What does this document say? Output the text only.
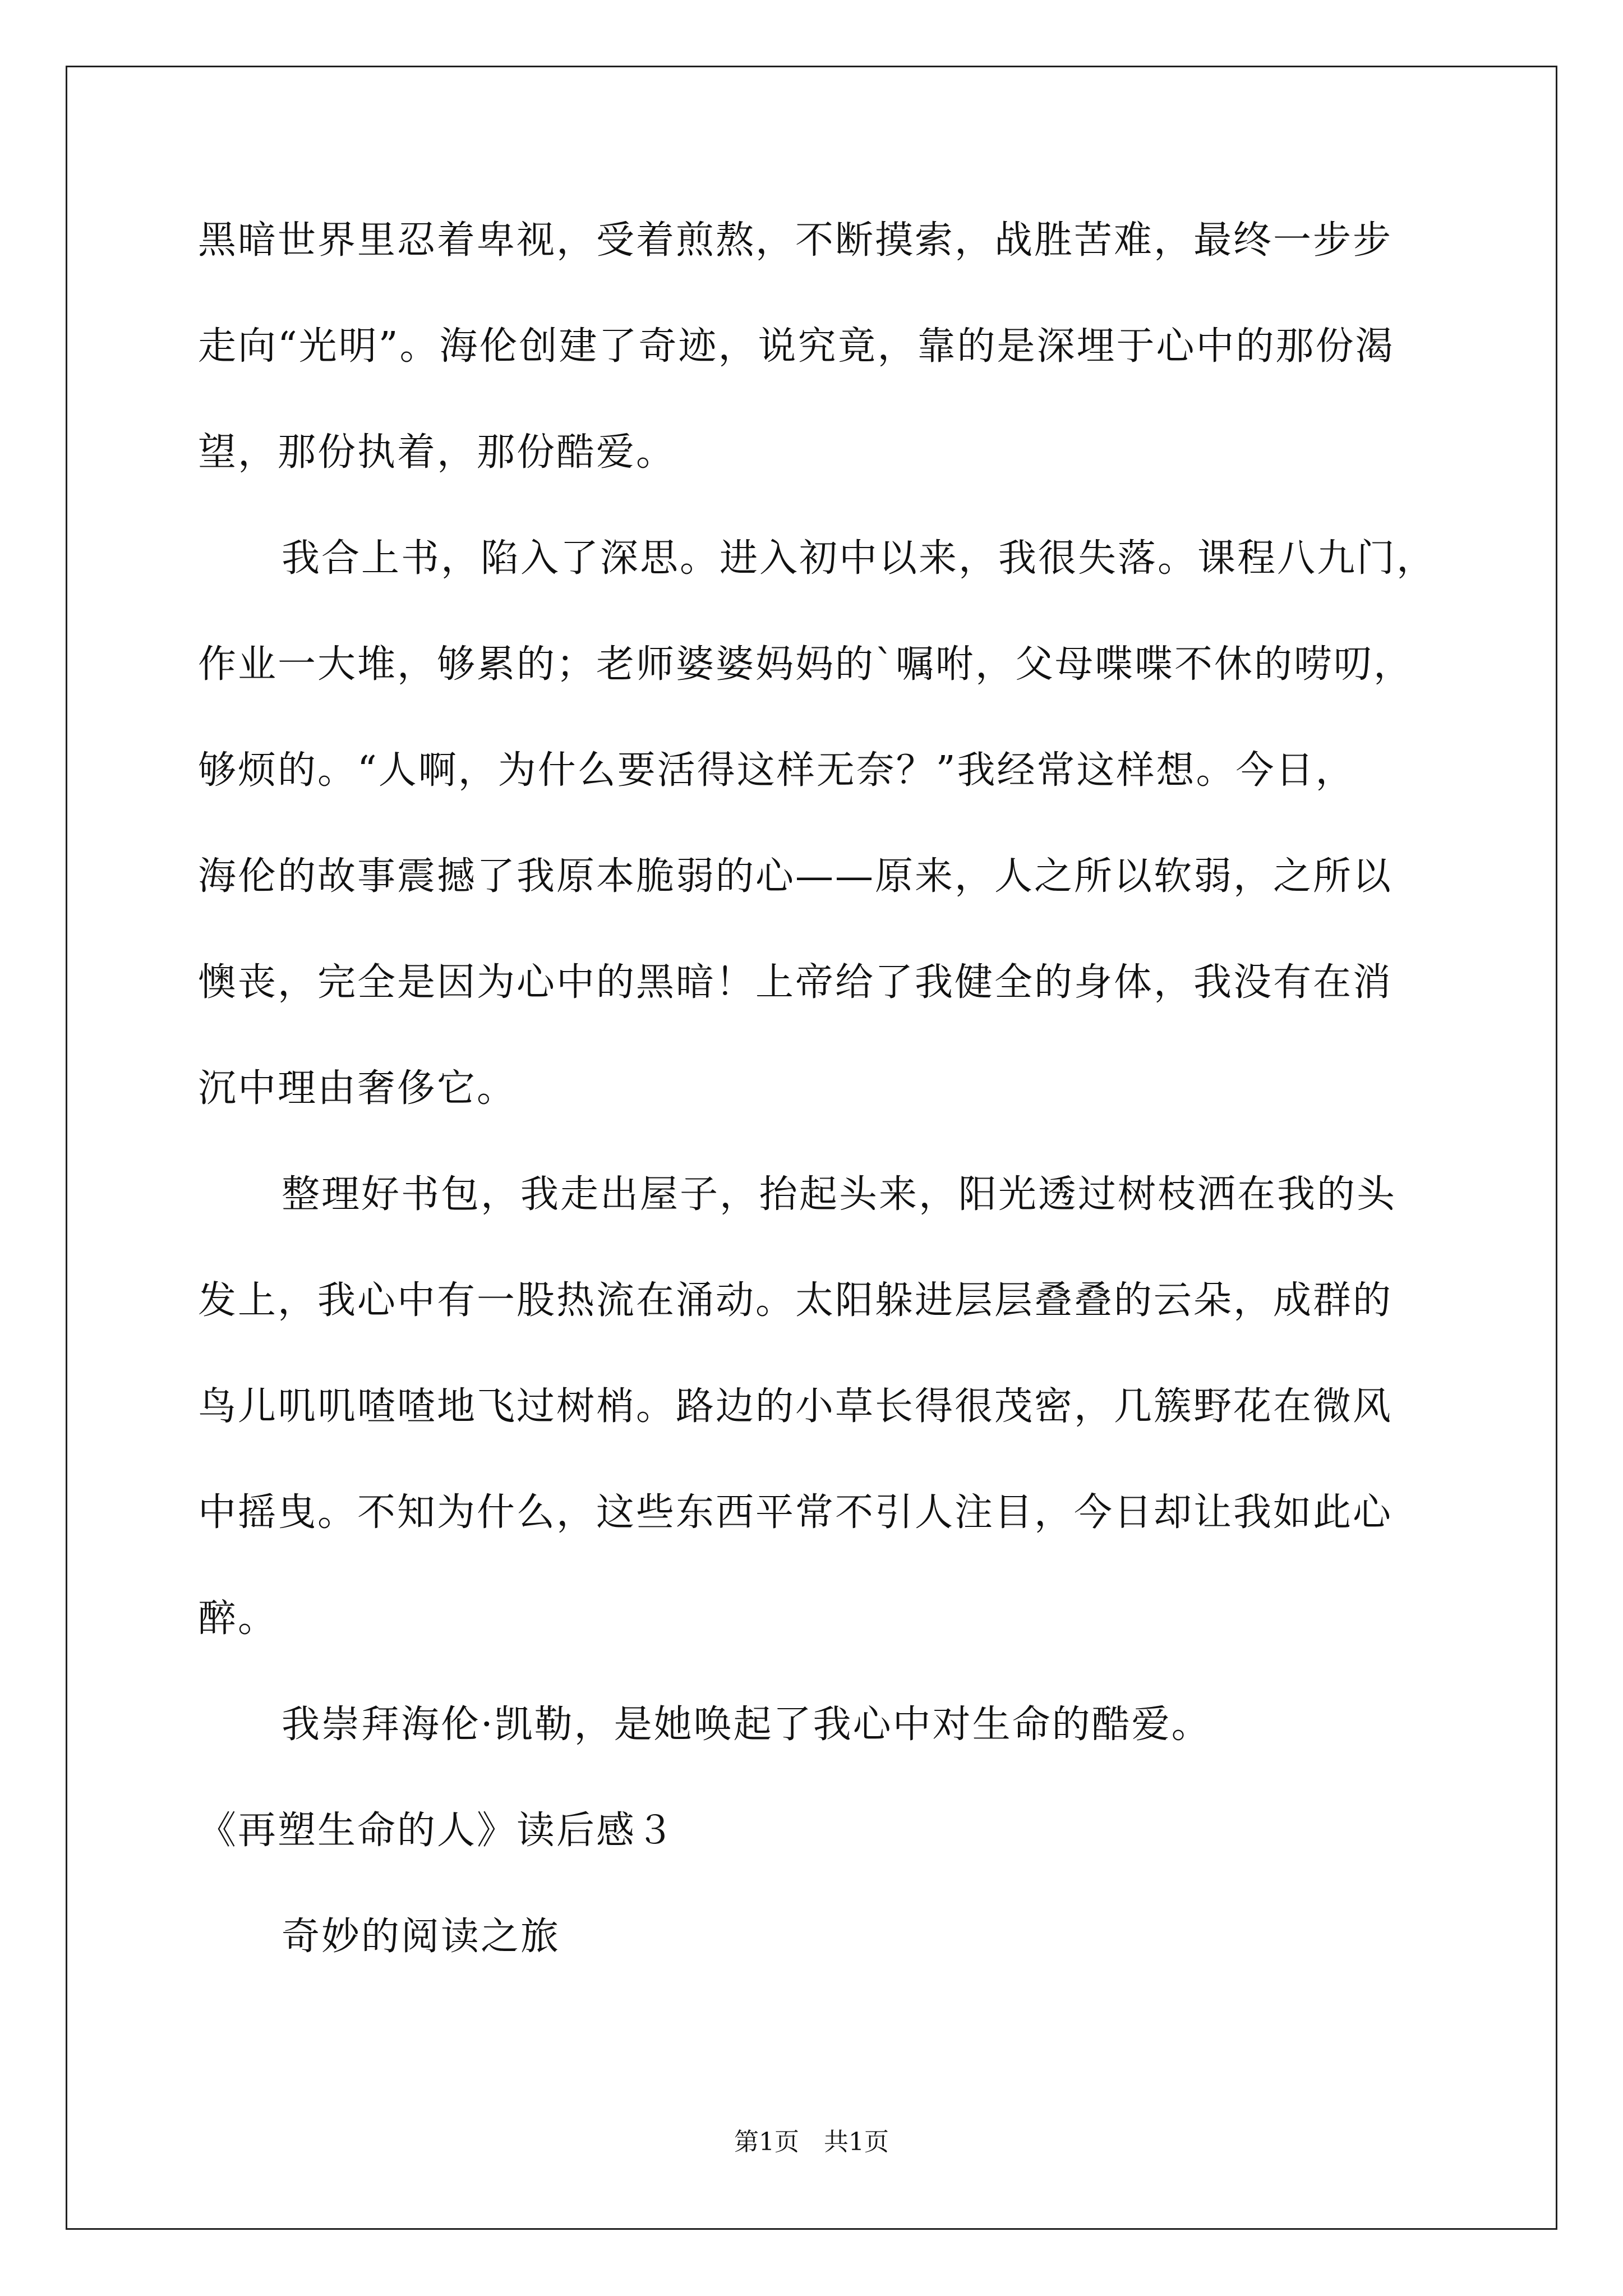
黑暗世界里忍着卑视，受着煎熬，不断摸索，战胜苦难，最终一步步
走向“光明”。海伦创建了奇迹，说究竟，靠的是深埋于心中的那份渴
望，那份执着，那份酷爱。
我合上书，陷入了深思。进入初中以来，我很失落。课程八九门，
作业一大堆，够累的；老师婆婆妈妈的`嘱咐，父母喋喋不休的唠叨，
够烦的。“人啊，为什么要活得这样无奈？”我经常这样想。今日，
海伦的故事震撼了我原本脆弱的心——原来，人之所以软弱，之所以
懊丧，完全是因为心中的黑暗！上帝给了我健全的身体，我没有在消
沉中理由奢侈它。
整理好书包，我走出屋子，抬起头来，阳光透过树枝洒在我的头
发上，我心中有一股热流在涌动。太阳躲进层层叠叠的云朵，成群的
鸟儿叽叽喳喳地飞过树梢。路边的小草长得很茂密，几簇野花在微风
中摇曳。不知为什么，这些东西平常不引人注目，今日却让我如此心
醉。
我崇拜海伦·凯勒，是她唤起了我心中对生命的酷爱。
《再塑生命的人》读后感３
奇妙的阅读之旅
第1页　共1页
